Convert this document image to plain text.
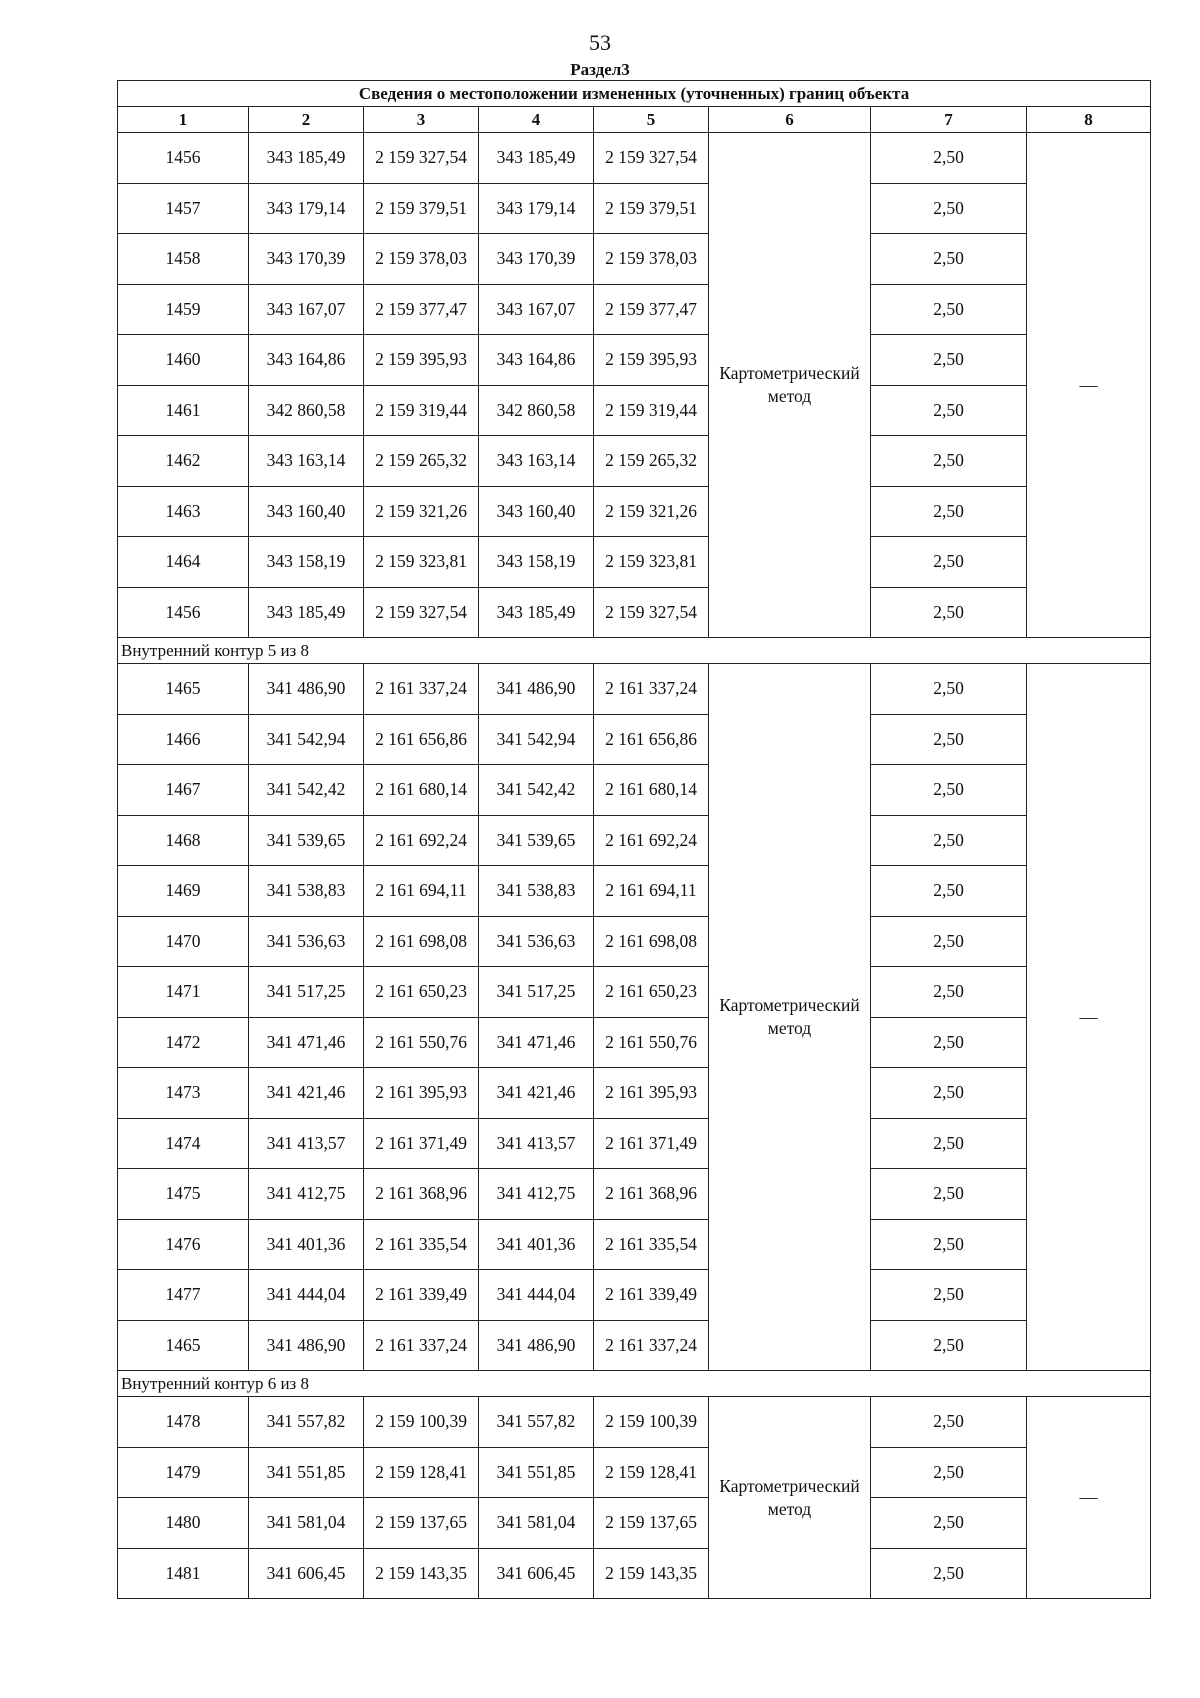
53
Раздел3
Сведения о местоположении измененных (уточненных) границ объекта							
1	2	3	4	5	6	7	8
1456	343 185,49	2 159 327,54	343 185,49	2 159 327,54	Картометрический метод	2,50	—
1457	343 179,14	2 159 379,51	343 179,14	2 159 379,51		2,50	
1458	343 170,39	2 159 378,03	343 170,39	2 159 378,03		2,50	
1459	343 167,07	2 159 377,47	343 167,07	2 159 377,47		2,50	
1460	343 164,86	2 159 395,93	343 164,86	2 159 395,93		2,50	
1461	342 860,58	2 159 319,44	342 860,58	2 159 319,44		2,50	
1462	343 163,14	2 159 265,32	343 163,14	2 159 265,32		2,50	
1463	343 160,40	2 159 321,26	343 160,40	2 159 321,26		2,50	
1464	343 158,19	2 159 323,81	343 158,19	2 159 323,81		2,50	
1456	343 185,49	2 159 327,54	343 185,49	2 159 327,54		2,50	
Внутренний контур 5 из 8							
1465	341 486,90	2 161 337,24	341 486,90	2 161 337,24	Картометрический метод	2,50	—
1466	341 542,94	2 161 656,86	341 542,94	2 161 656,86		2,50	
1467	341 542,42	2 161 680,14	341 542,42	2 161 680,14		2,50	
1468	341 539,65	2 161 692,24	341 539,65	2 161 692,24		2,50	
1469	341 538,83	2 161 694,11	341 538,83	2 161 694,11		2,50	
1470	341 536,63	2 161 698,08	341 536,63	2 161 698,08		2,50	
1471	341 517,25	2 161 650,23	341 517,25	2 161 650,23		2,50	
1472	341 471,46	2 161 550,76	341 471,46	2 161 550,76		2,50	
1473	341 421,46	2 161 395,93	341 421,46	2 161 395,93		2,50	
1474	341 413,57	2 161 371,49	341 413,57	2 161 371,49		2,50	
1475	341 412,75	2 161 368,96	341 412,75	2 161 368,96		2,50	
1476	341 401,36	2 161 335,54	341 401,36	2 161 335,54		2,50	
1477	341 444,04	2 161 339,49	341 444,04	2 161 339,49		2,50	
1465	341 486,90	2 161 337,24	341 486,90	2 161 337,24		2,50	
Внутренний контур 6 из 8							
1478	341 557,82	2 159 100,39	341 557,82	2 159 100,39	Картометрический метод	2,50	—
1479	341 551,85	2 159 128,41	341 551,85	2 159 128,41		2,50	
1480	341 581,04	2 159 137,65	341 581,04	2 159 137,65		2,50	
1481	341 606,45	2 159 143,35	341 606,45	2 159 143,35		2,50	
